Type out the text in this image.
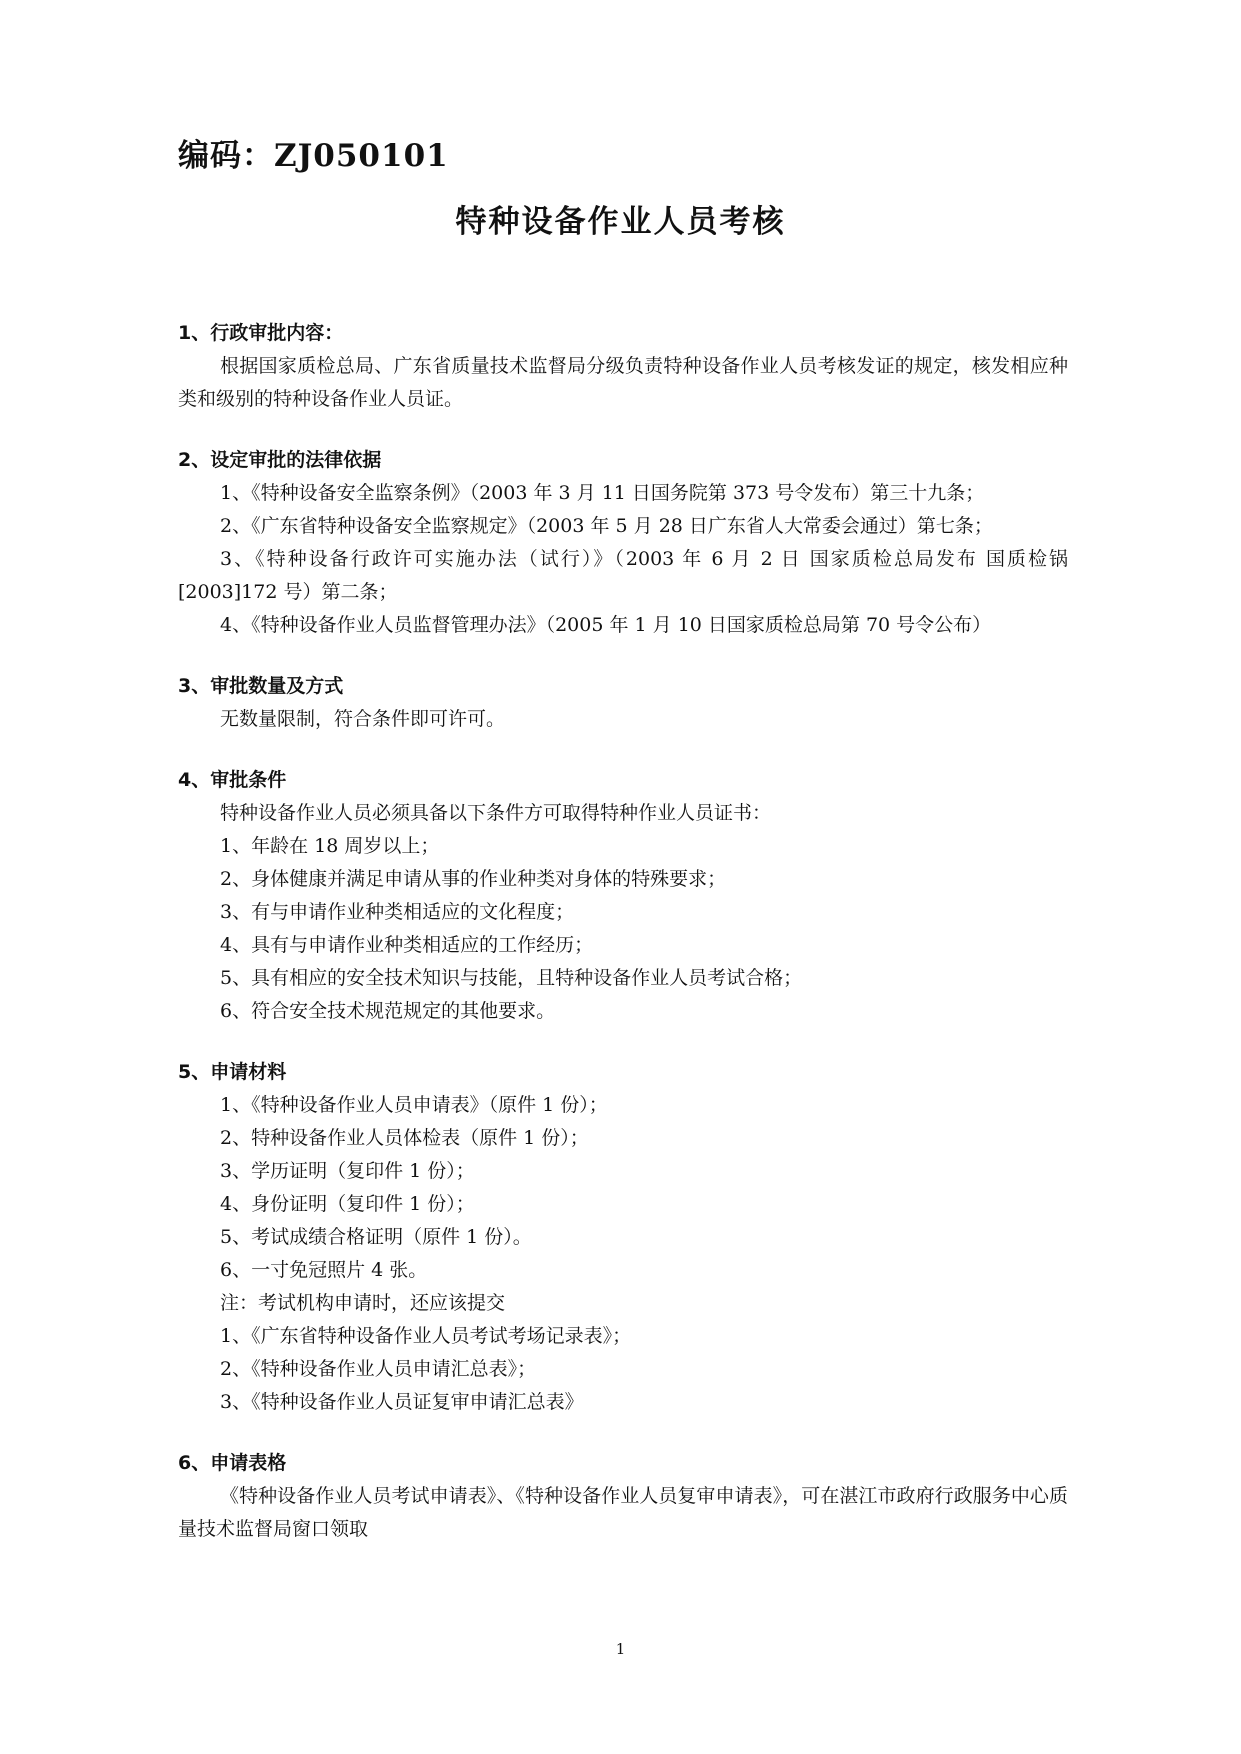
编码：ZJ050101
特种设备作业人员考核
1、行政审批内容：
根据国家质检总局、广东省质量技术监督局分级负责特种设备作业人员考核发证的规定，核发相应种类和级别的特种设备作业人员证。
2、设定审批的法律依据
1、《特种设备安全监察条例》（2003 年 3 月 11 日国务院第 373 号令发布）第三十九条；
2、《广东省特种设备安全监察规定》（2003 年 5 月 28 日广东省人大常委会通过）第七条；
3、《特种设备行政许可实施办法（试行）》（2003 年 6 月 2 日 国家质检总局发布 国质检锅[2003]172 号）第二条；
4、《特种设备作业人员监督管理办法》（2005 年 1 月 10 日国家质检总局第 70 号令公布）
3、审批数量及方式
无数量限制，符合条件即可许可。
4、审批条件
特种设备作业人员必须具备以下条件方可取得特种作业人员证书：
1、年龄在 18 周岁以上；
2、身体健康并满足申请从事的作业种类对身体的特殊要求；
3、有与申请作业种类相适应的文化程度；
4、具有与申请作业种类相适应的工作经历；
5、具有相应的安全技术知识与技能，且特种设备作业人员考试合格；
6、符合安全技术规范规定的其他要求。
5、申请材料
1、《特种设备作业人员申请表》（原件 1 份）；
2、特种设备作业人员体检表（原件 1 份）；
3、学历证明（复印件 1 份）；
4、身份证明（复印件 1 份）；
5、考试成绩合格证明（原件 1 份）。
6、一寸免冠照片 4 张。
注：考试机构申请时，还应该提交
1、《广东省特种设备作业人员考试考场记录表》；
2、《特种设备作业人员申请汇总表》；
3、《特种设备作业人员证复审申请汇总表》
6、申请表格
《特种设备作业人员考试申请表》、《特种设备作业人员复审申请表》，可在湛江市政府行政服务中心质量技术监督局窗口领取
1
